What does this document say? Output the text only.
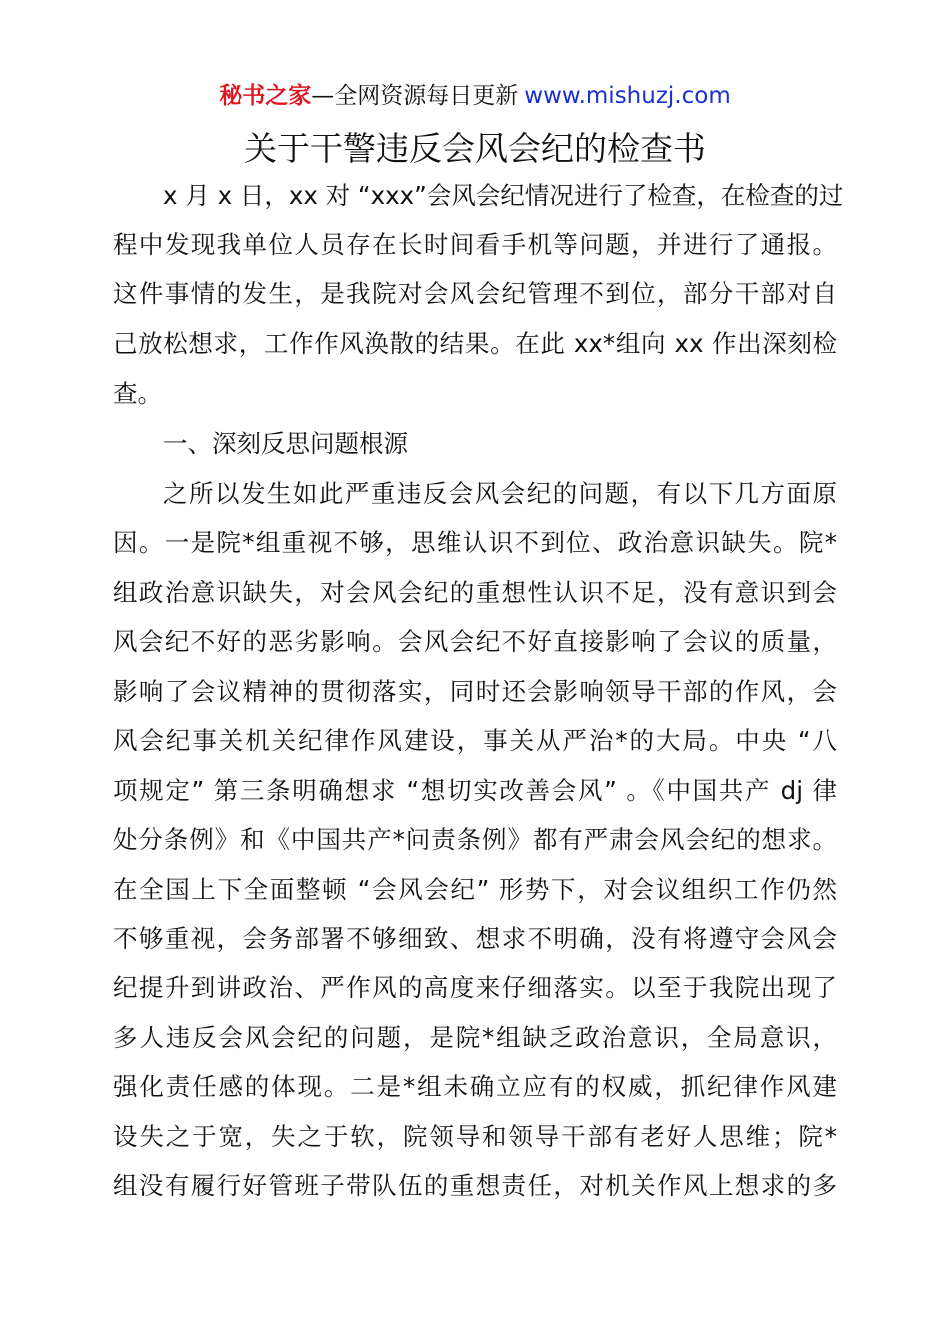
秘书之家—全网资源每日更新 www.mishuzj.com
关于干警违反会风会纪的检查书
x 月 x 日，xx 对 “xxx”会风会纪情况进行了检查，在检查的过
程中发现我单位人员存在长时间看手机等问题，并进行了通报。
这件事情的发生，是我院对会风会纪管理不到位，部分干部对自
己放松想求，工作作风涣散的结果。在此 xx*组向 xx 作出深刻检
查。
一、深刻反思问题根源
之所以发生如此严重违反会风会纪的问题，有以下几方面原
因。一是院*组重视不够，思维认识不到位、政治意识缺失。院*
组政治意识缺失，对会风会纪的重想性认识不足，没有意识到会
风会纪不好的恶劣影响。会风会纪不好直接影响了会议的质量，
影响了会议精神的贯彻落实，同时还会影响领导干部的作风，会
风会纪事关机关纪律作风建设，事关从严治*的大局。中央 “八
项规定” 第三条明确想求 “想切实改善会风” 。《中国共产 dj 律
处分条例》和《中国共产*问责条例》都有严肃会风会纪的想求。
在全国上下全面整顿 “会风会纪” 形势下，对会议组织工作仍然
不够重视，会务部署不够细致、想求不明确，没有将遵守会风会
纪提升到讲政治、严作风的高度来仔细落实。以至于我院出现了
多人违反会风会纪的问题，是院*组缺乏政治意识，全局意识，
强化责任感的体现。二是*组未确立应有的权威，抓纪律作风建
设失之于宽，失之于软，院领导和领导干部有老好人思维；院*
组没有履行好管班子带队伍的重想责任，对机关作风上想求的多
